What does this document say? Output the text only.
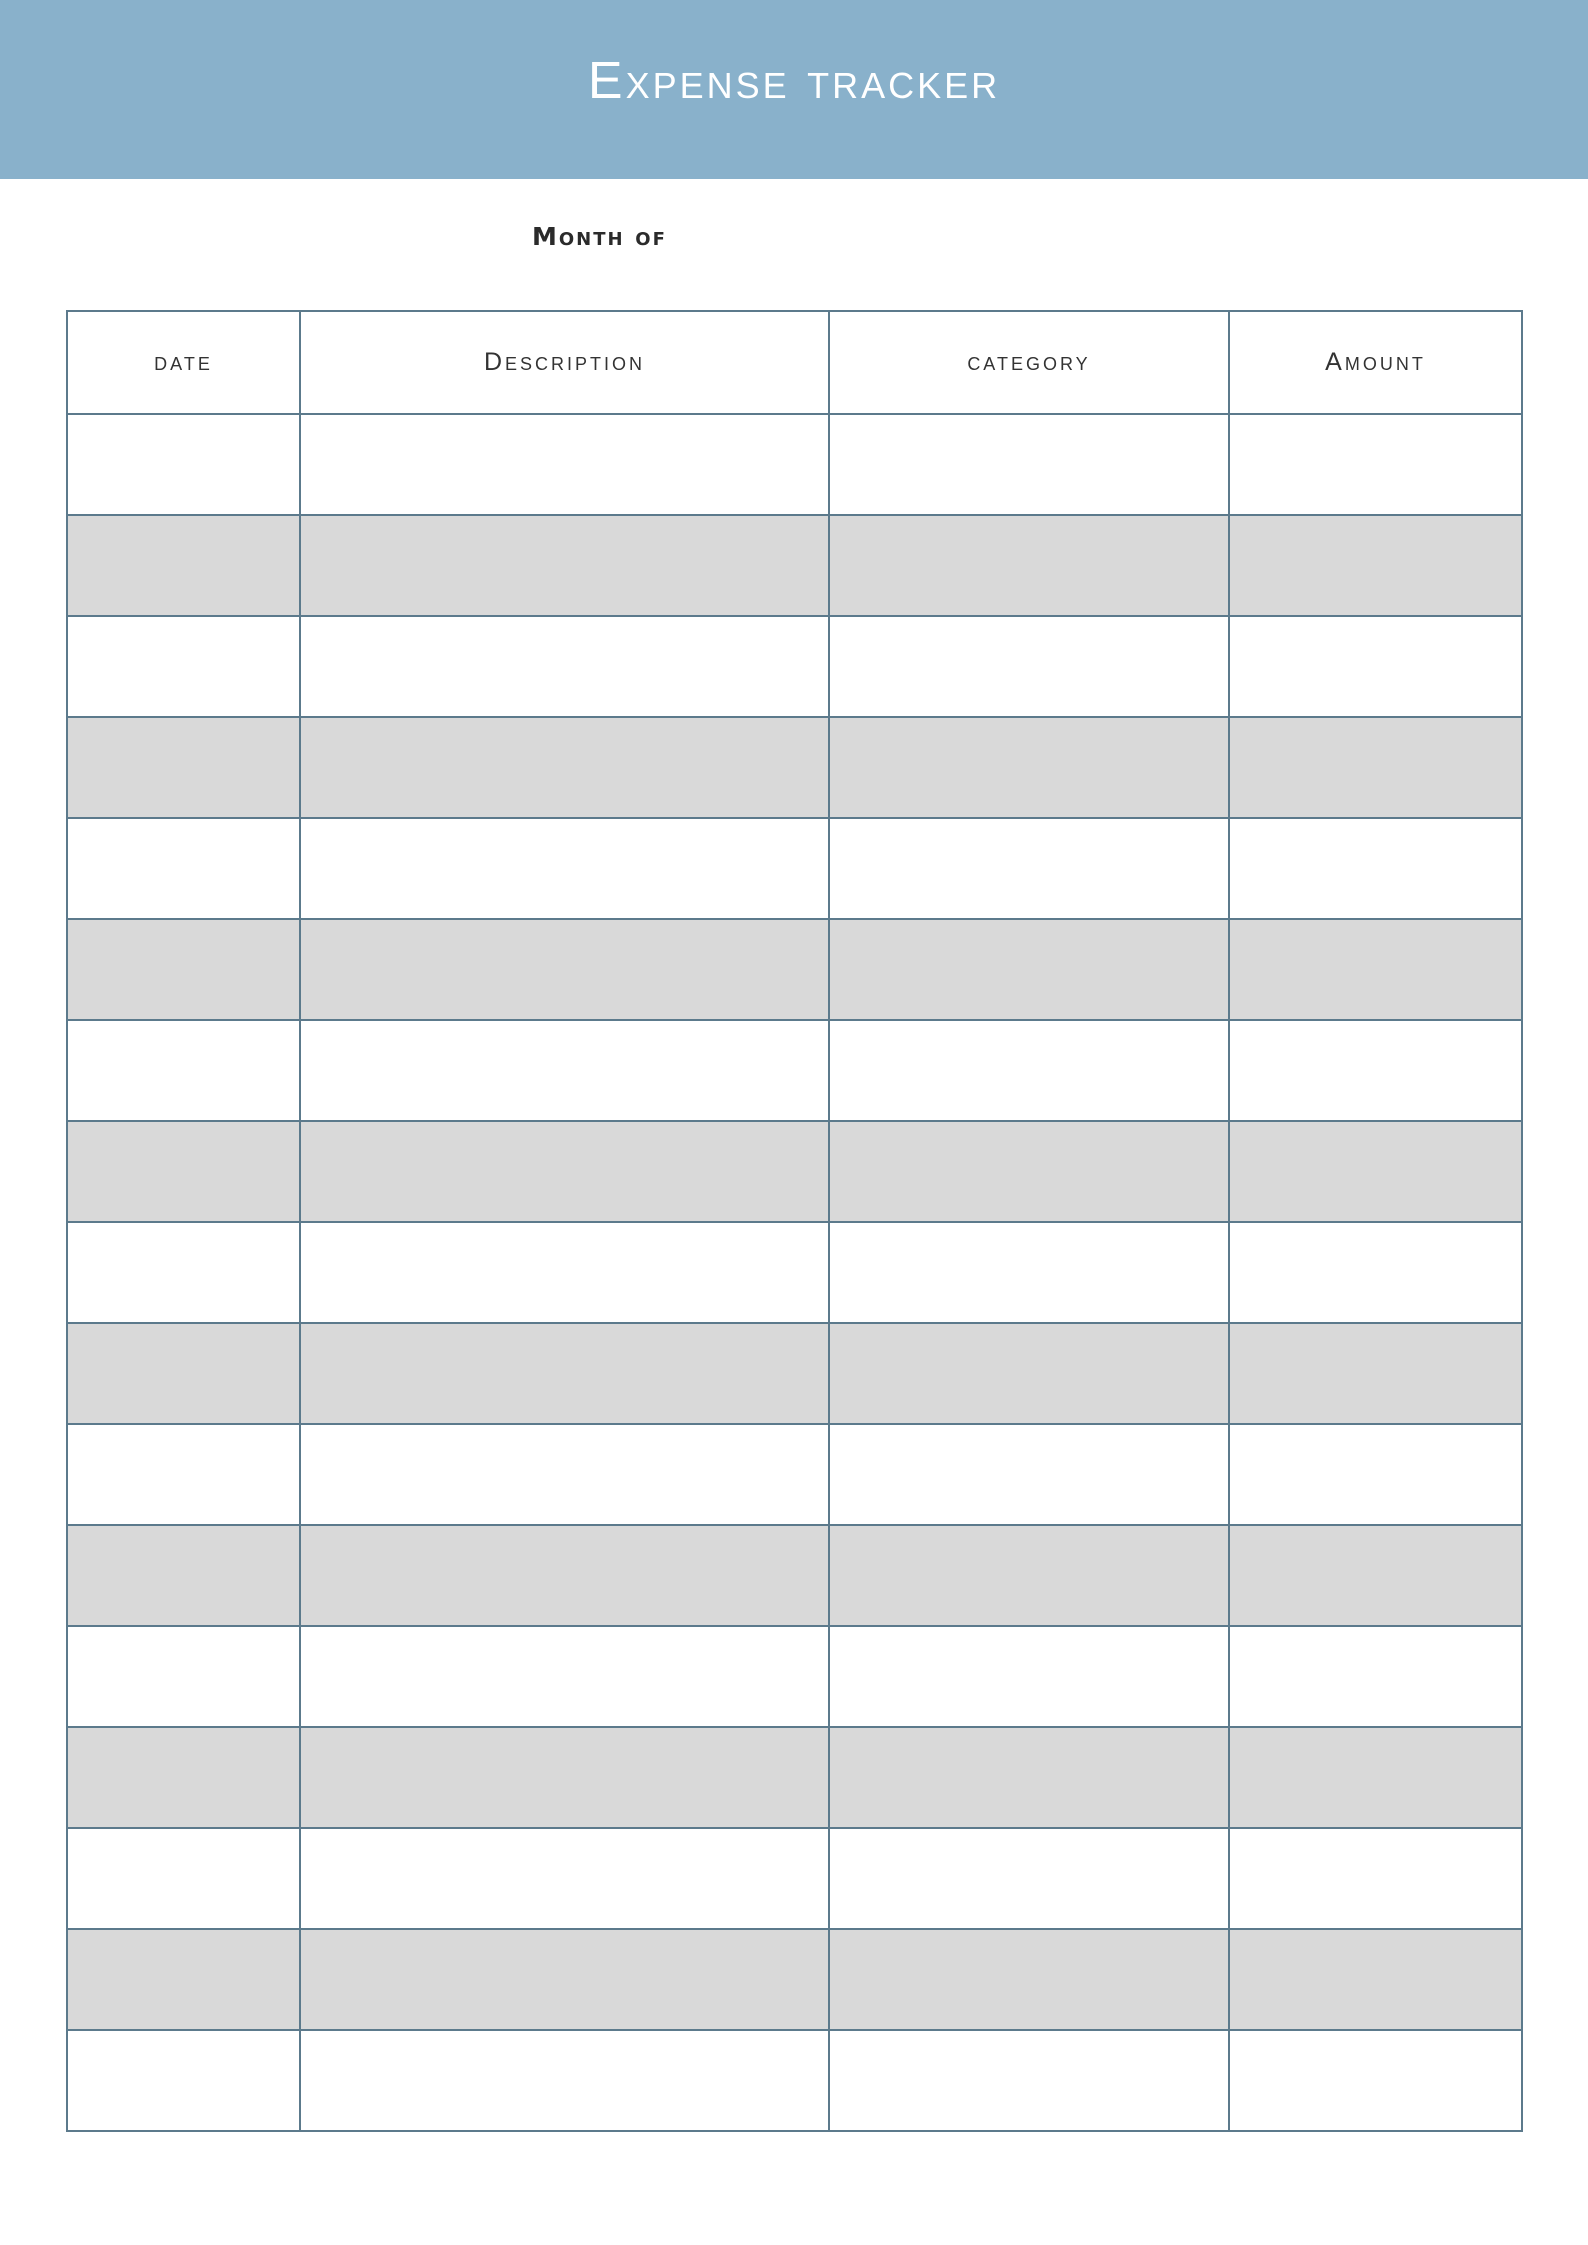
Expense tracker
Month of
date	Description	category	Amount
